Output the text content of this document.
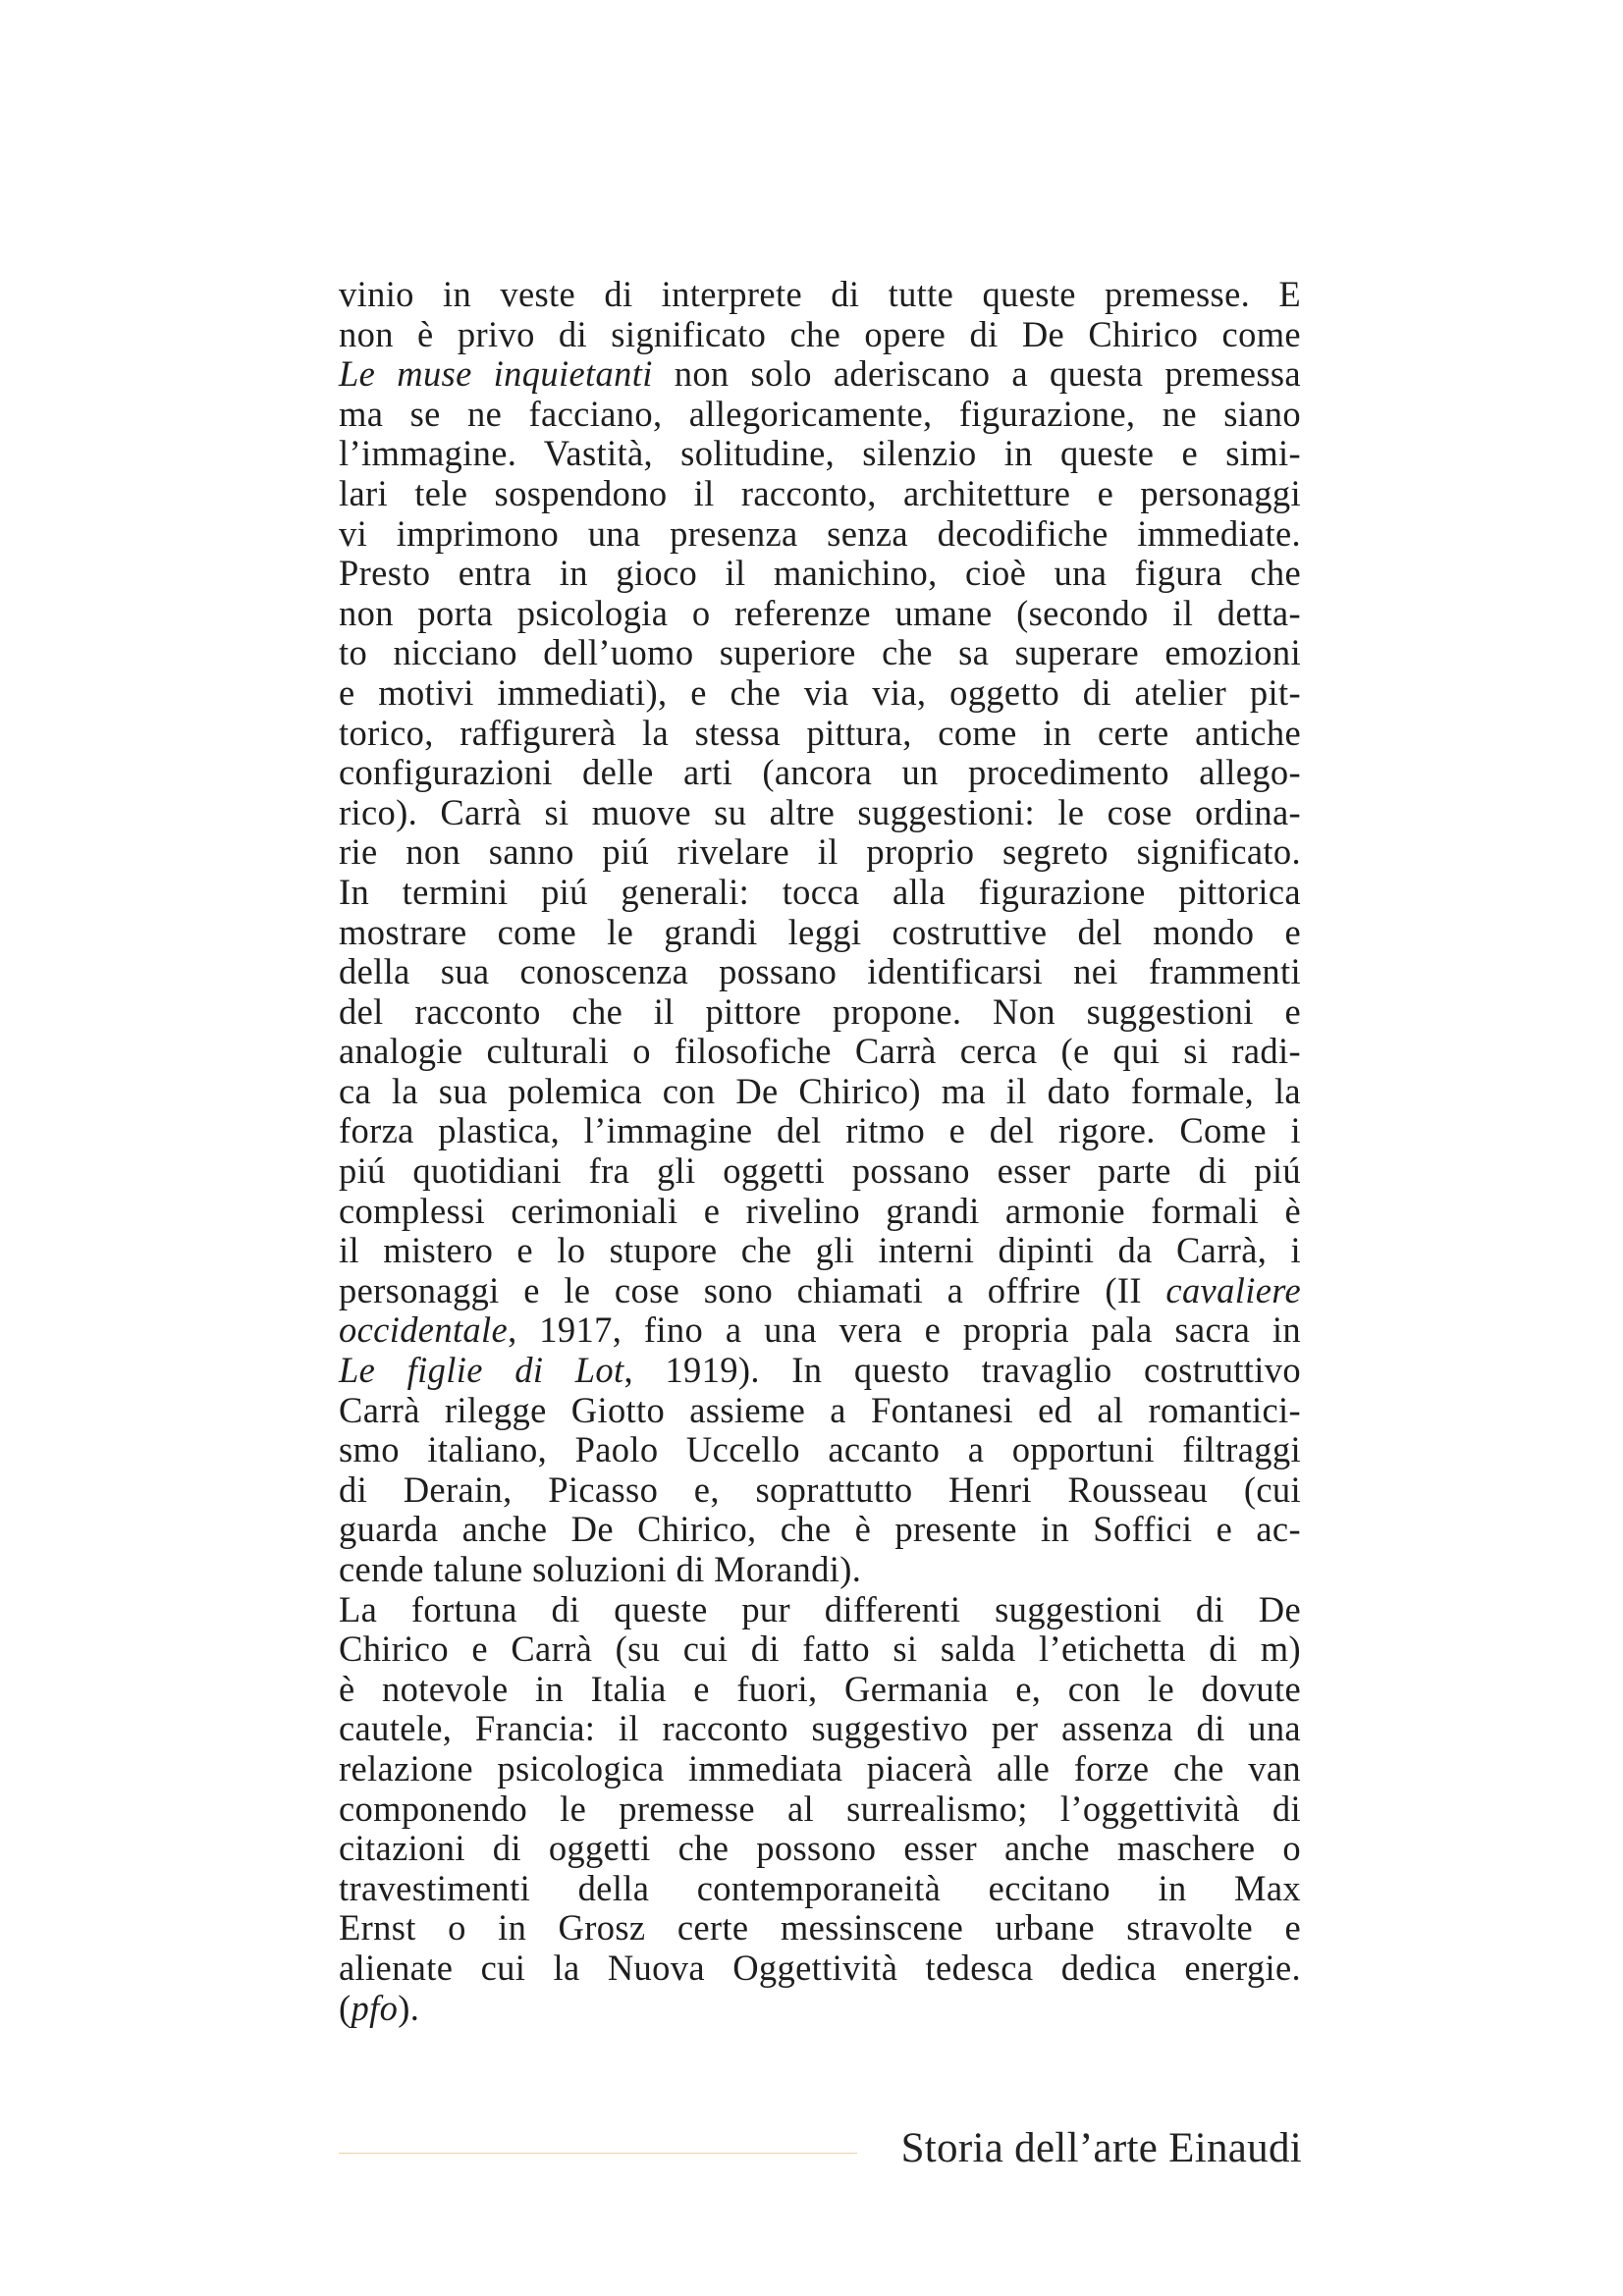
vinio in veste di interprete di tutte queste premesse. E

non è privo di significato che opere di De Chirico come

Le muse inquietanti non solo aderiscano a questa premessa

ma se ne facciano, allegoricamente, figurazione, ne siano

l’immagine. Vastità, solitudine, silenzio in queste e simi-

lari tele sospendono il racconto, architetture e personaggi

vi imprimono una presenza senza decodifiche immediate.

Presto entra in gioco il manichino, cioè una figura che

non porta psicologia o referenze umane (secondo il detta-

to nicciano dell’uomo superiore che sa superare emozioni

e motivi immediati), e che via via, oggetto di atelier pit-

torico, raffigurerà la stessa pittura, come in certe antiche

configurazioni delle arti (ancora un procedimento allego-

rico). Carrà si muove su altre suggestioni: le cose ordina-

rie non sanno piú rivelare il proprio segreto significato.

In termini piú generali: tocca alla figurazione pittorica

mostrare come le grandi leggi costruttive del mondo e

della sua conoscenza possano identificarsi nei frammenti

del racconto che il pittore propone. Non suggestioni e

analogie culturali o filosofiche Carrà cerca (e qui si radi-

ca la sua polemica con De Chirico) ma il dato formale, la

forza plastica, l’immagine del ritmo e del rigore. Come i

piú quotidiani fra gli oggetti possano esser parte di piú

complessi cerimoniali e rivelino grandi armonie formali è

il mistero e lo stupore che gli interni dipinti da Carrà, i

personaggi e le cose sono chiamati a offrire (II cavaliere

occidentale, 1917, fino a una vera e propria pala sacra in

Le figlie di Lot, 1919). In questo travaglio costruttivo

Carrà rilegge Giotto assieme a Fontanesi ed al romantici-

smo italiano, Paolo Uccello accanto a opportuni filtraggi

di Derain, Picasso e, soprattutto Henri Rousseau (cui

guarda anche De Chirico, che è presente in Soffici e ac-

cende talune soluzioni di Morandi).

La fortuna di queste pur differenti suggestioni di De

Chirico e Carrà (su cui di fatto si salda l’etichetta di m)

è notevole in Italia e fuori, Germania e, con le dovute

cautele, Francia: il racconto suggestivo per assenza di una

relazione psicologica immediata piacerà alle forze che van

componendo le premesse al surrealismo; l’oggettività di

citazioni di oggetti che possono esser anche maschere o

travestimenti della contemporaneità eccitano in Max

Ernst o in Grosz certe messinscene urbane stravolte e

alienate cui la Nuova Oggettività tedesca dedica energie.

(pfo).

Storia dell’arte Einaudi
